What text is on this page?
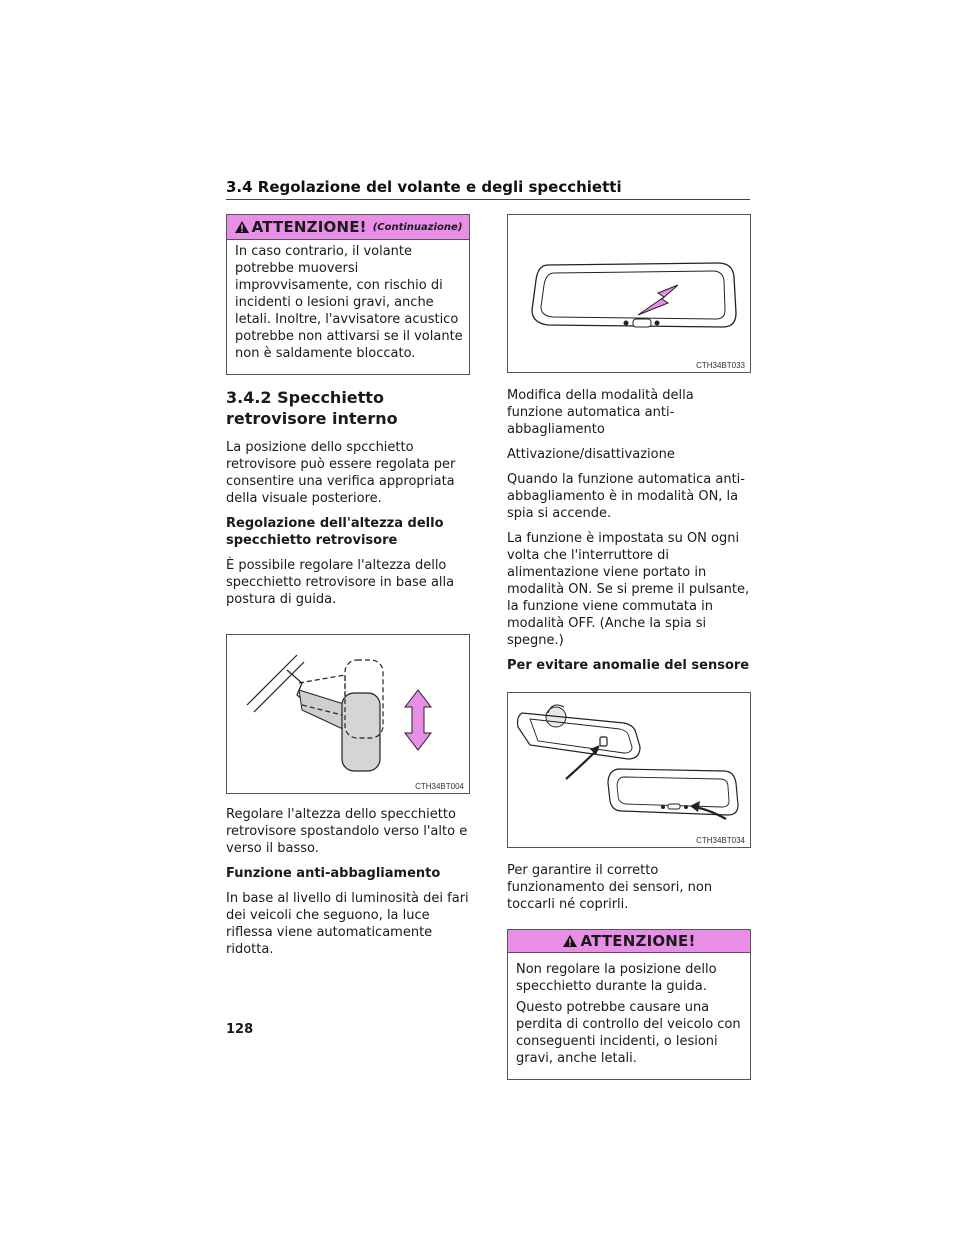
3.4 Regolazione del volante e degli specchietti
ATTENZIONE! (Continuazione)

In caso contrario, il volante potrebbe muoversi improvvisamente, con rischio di incidenti o lesioni gravi, anche letali. Inoltre, l'avvisatore acustico potrebbe non attivarsi se il volante non è saldamente bloccato.

3.4.2 Specchietto retrovisore interno

La posizione dello spcchietto retrovisore può essere regolata per consentire una verifica appropriata della visuale posteriore.

Regolazione dell'altezza dello specchietto retrovisore

È possibile regolare l'altezza dello specchietto retrovisore in base alla postura di guida.

CTH34BT004

Regolare l'altezza dello specchietto retrovisore spostandolo verso l'alto e verso il basso.

Funzione anti-abbagliamento

In base al livello di luminosità dei fari dei veicoli che seguono, la luce riflessa viene automaticamente ridotta.

CTH34BT033

Modifica della modalità della funzione automatica anti-abbagliamento

Attivazione/disattivazione

Quando la funzione automatica anti-abbagliamento è in modalità ON, la spia si accende.

La funzione è impostata su ON ogni volta che l'interruttore di alimentazione viene portato in modalità ON. Se si preme il pulsante, la funzione viene commutata in modalità OFF. (Anche la spia si spegne.)

Per evitare anomalie del sensore

CTH34BT034

Per garantire il corretto funzionamento dei sensori, non toccarli né coprirli.

ATTENZIONE!

Non regolare la posizione dello specchietto durante la guida.

Questo potrebbe causare una perdita di controllo del veicolo con conseguenti incidenti, o lesioni gravi, anche letali.

128
